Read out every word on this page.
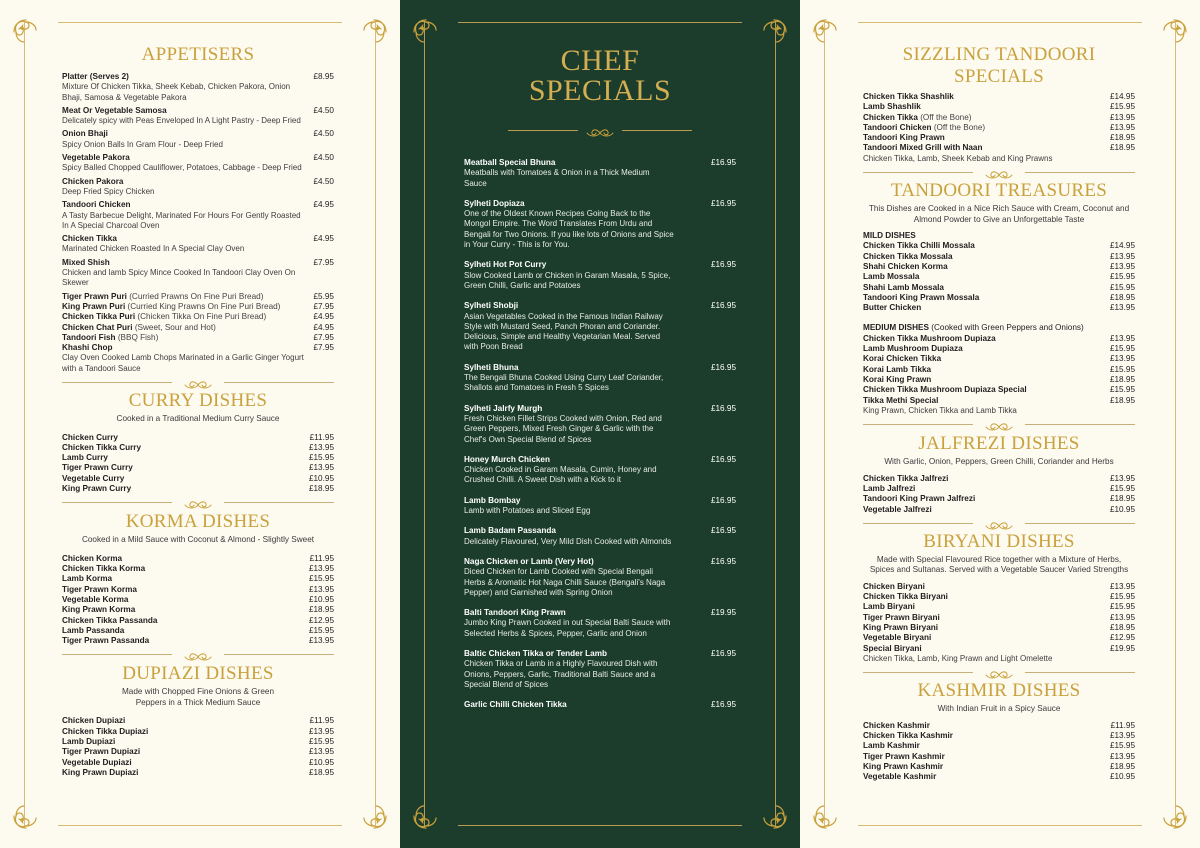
APPETISERS
Platter (Serves 2)	£8.95
Mixture Of Chicken Tikka, Sheek Kebab, Chicken Pakora, Onion Bhaji, Samosa & Vegetable Pakora
Meat Or Vegetable Samosa	£4.50
Delicately spicy with Peas Enveloped In A Light Pastry - Deep Fried
Onion Bhaji	£4.50
Spicy Onion Balls In Gram Flour - Deep Fried
Vegetable Pakora	£4.50
Spicy Balled Chopped Cauliflower, Potatoes, Cabbage - Deep Fried
Chicken Pakora	£4.50
Deep Fried Spicy Chicken
Tandoori Chicken	£4.95
A Tasty Barbecue Delight, Marinated For Hours For Gently Roasted In A Special Charcoal Oven
Chicken Tikka	£4.95
Marinated Chicken Roasted In A Special Clay Oven
Mixed Shish	£7.95
Chicken and lamb Spicy Mince Cooked In Tandoori Clay Oven On Skewer
Tiger Prawn Puri (Curried Prawns On Fine Puri Bread)	£5.95
King Prawn Puri (Curried King Prawns On Fine Puri Bread)	£7.95
Chicken Tikka Puri (Chicken Tikka On Fine Puri Bread)	£4.95
Chicken Chat Puri (Sweet, Sour and Hot)	£4.95
Tandoori Fish (BBQ Fish)	£7.95
Khashi Chop	£7.95
Clay Oven Cooked Lamb Chops Marinated in a Garlic Ginger Yogurt with a Tandoori Sauce
CURRY DISHES
Cooked in a Traditional Medium Curry Sauce
Chicken Curry	£11.95
Chicken Tikka Curry	£13.95
Lamb Curry	£15.95
Tiger Prawn Curry	£13.95
Vegetable Curry	£10.95
King Prawn Curry	£18.95
KORMA DISHES
Cooked in a Mild Sauce with Coconut & Almond - Slightly Sweet
Chicken Korma	£11.95
Chicken Tikka Korma	£13.95
Lamb Korma	£15.95
Tiger Prawn Korma	£13.95
Vegetable Korma	£10.95
King Prawn Korma	£18.95
Chicken Tikka Passanda	£12.95
Lamb Passanda	£15.95
Tiger Prawn Passanda	£13.95
DUPIAZI DISHES
Made with Chopped Fine Onions & Green Peppers in a Thick Medium Sauce
Chicken Dupiazi	£11.95
Chicken Tikka Dupiazi	£13.95
Lamb Dupiazi	£15.95
Tiger Prawn Dupiazi	£13.95
Vegetable Dupiazi	£10.95
King Prawn Dupiazi	£18.95
CHEF
SPECIALS
Meatball Special Bhuna	£16.95
Meatballs with Tomatoes & Onion in a Thick Medium Sauce
Sylheti Dopiaza	£16.95
One of the Oldest Known Recipes Going Back to the Mongol Empire. The Word Translates From Urdu and Bengali for Two Onions. If you like lots of Onions and Spice in Your Curry - This is for You.
Sylheti Hot Pot Curry	£16.95
Slow Cooked Lamb or Chicken in Garam Masala, 5 Spice, Green Chilli, Garlic and Potatoes
Sylheti Shobji	£16.95
Asian Vegetables Cooked in the Famous Indian Railway Style with Mustard Seed, Panch Phoran and Coriander. Delicious, Simple and Healthy Vegetarian Meal. Served with Poon Bread
Sylheti Bhuna	£16.95
The Bengali Bhuna Cooked Using Curry Leaf Coriander, Shallots and Tomatoes in Fresh 5 Spices
Sylheti Jalrfy Murgh	£16.95
Fresh Chicken Fillet Strips Cooked with Onion, Red and Green Peppers, Mixed Fresh Ginger & Garlic with the Chef's Own Special Blend of Spices
Honey Murch Chicken	£16.95
Chicken Cooked in Garam Masala, Cumin, Honey and Crushed Chilli. A Sweet Dish with a Kick to it
Lamb Bombay	£16.95
Lamb with Potatoes and Sliced Egg
Lamb Badam Passanda	£16.95
Delicately Flavoured, Very Mild Dish Cooked with Almonds
Naga Chicken or Lamb (Very Hot)	£16.95
Diced Chicken for Lamb Cooked with Special Bengali Herbs & Aromatic Hot Naga Chilli Sauce (Bengali's Naga Pepper) and Garnished with Spring Onion
Balti Tandoori King Prawn	£19.95
Jumbo King Prawn Cooked in out Special Balti Sauce with Selected Herbs & Spices, Pepper, Garlic and Onion
Baltic Chicken Tikka or Tender Lamb	£16.95
Chicken Tikka or Lamb in a Highly Flavoured Dish with Onions, Peppers, Garlic, Traditional Balti Sauce and a Special Blend of Spices
Garlic Chilli Chicken Tikka	£16.95
SIZZLING TANDOORI SPECIALS
Chicken Tikka Shashlik	£14.95
Lamb Shashlik	£15.95
Chicken Tikka (Off the Bone)	£13.95
Tandoori Chicken (Off the Bone)	£13.95
Tandoori King Prawn	£18.95
Tandoori Mixed Grill with Naan	£18.95
Chicken Tikka, Lamb, Sheek Kebab and King Prawns
TANDOORI TREASURES
This Dishes are Cooked in a Nice Rich Sauce with Cream, Coconut and Almond Powder to Give an Unforgettable Taste
MILD DISHES
Chicken Tikka Chilli Mossala	£14.95
Chicken Tikka Mossala	£13.95
Shahi Chicken Korma	£13.95
Lamb Mossala	£15.95
Shahi Lamb Mossala	£15.95
Tandoori King Prawn Mossala	£18.95
Butter Chicken	£13.95
MEDIUM DISHES (Cooked with Green Peppers and Onions)
Chicken Tikka Mushroom Dupiaza	£13.95
Lamb Mushroom Dupiaza	£15.95
Korai Chicken Tikka	£13.95
Korai Lamb Tikka	£15.95
Korai King Prawn	£18.95
Chicken Tikka Mushroom Dupiaza Special	£15.95
Tikka Methi Special	£18.95
King Prawn, Chicken Tikka and Lamb Tikka
JALFREZI DISHES
With Garlic, Onion, Peppers, Green Chilli, Coriander and Herbs
Chicken Tikka Jalfrezi	£13.95
Lamb Jalfrezi	£15.95
Tandoori King Prawn Jalfrezi	£18.95
Vegetable Jalfrezi	£10.95
BIRYANI DISHES
Made with Special Flavoured Rice together with a Mixture of Herbs, Spices and Sultanas. Served with a Vegetable Saucer Varied Strengths
Chicken Biryani	£13.95
Chicken Tikka Biryani	£15.95
Lamb Biryani	£15.95
Tiger Prawn Biryani	£13.95
King Prawn Biryani	£18.95
Vegetable Biryani	£12.95
Special Biryani	£19.95
Chicken Tikka, Lamb, King Prawn and Light Omelette
KASHMIR DISHES
With Indian Fruit in a Spicy Sauce
Chicken Kashmir	£11.95
Chicken Tikka Kashmir	£13.95
Lamb Kashmir	£15.95
Tiger Prawn Kashmir	£13.95
King Prawn Kashmir	£18.95
Vegetable Kashmir	£10.95
